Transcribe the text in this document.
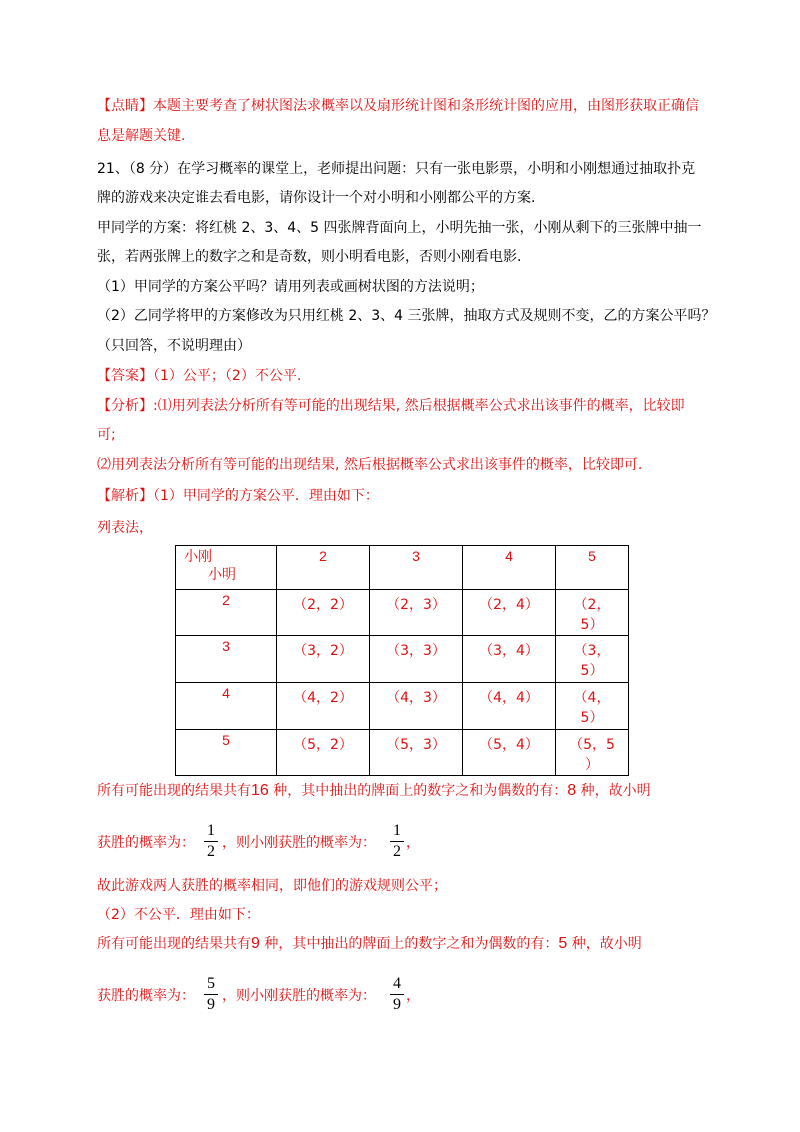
【点睛】本题主要考查了树状图法求概率以及扇形统计图和条形统计图的应用，由图形获取正确信
息是解题关键.
21、（8 分）在学习概率的课堂上，老师提出问题：只有一张电影票，小明和小刚想通过抽取扑克
牌的游戏来决定谁去看电影，请你设计一个对小明和小刚都公平的方案.
甲同学的方案：将红桃 2、3、4、5 四张牌背面向上，小明先抽一张，小刚从剩下的三张牌中抽一
张，若两张牌上的数字之和是奇数，则小明看电影，否则小刚看电影.
（1）甲同学的方案公平吗？请用列表或画树状图的方法说明；
（2）乙同学将甲的方案修改为只用红桃 2、3、4 三张牌，抽取方式及规则不变，乙的方案公平吗？
（只回答，不说明理由）
【答案】（1）公平；（2）不公平.
【分析】:⑴用列表法分析所有等可能的出现结果, 然后根据概率公式求出该事件的概率，比较即
可;
⑵用列表法分析所有等可能的出现结果, 然后根据概率公式求出该事件的概率，比较即可.
【解析】（1）甲同学的方案公平．理由如下：
列表法，
小刚
小明	2	3	4	5
2	（2，2）	（2，3）	（2，4）	（2，
5）

3	（3，2）	（3，3）	（3，4）	（3，
5）

4	（4，2）	（4，3）	（4，4）	（4，
5）

5	（5，2）	（5，3）	（5，4）	（5，5
）
所有可能出现的结果共有16 种，其中抽出的牌面上的数字之和为偶数的有：8 种，故小明
获胜的概率为：
1
2 ，则小刚获胜的概率为：
1
2 ，
故此游戏两人获胜的概率相同，即他们的游戏规则公平；
（2）不公平．理由如下：
所有可能出现的结果共有9 种，其中抽出的牌面上的数字之和为偶数的有：5 种，故小明
获胜的概率为：
5
9 ，则小刚获胜的概率为：
4
9 ，
